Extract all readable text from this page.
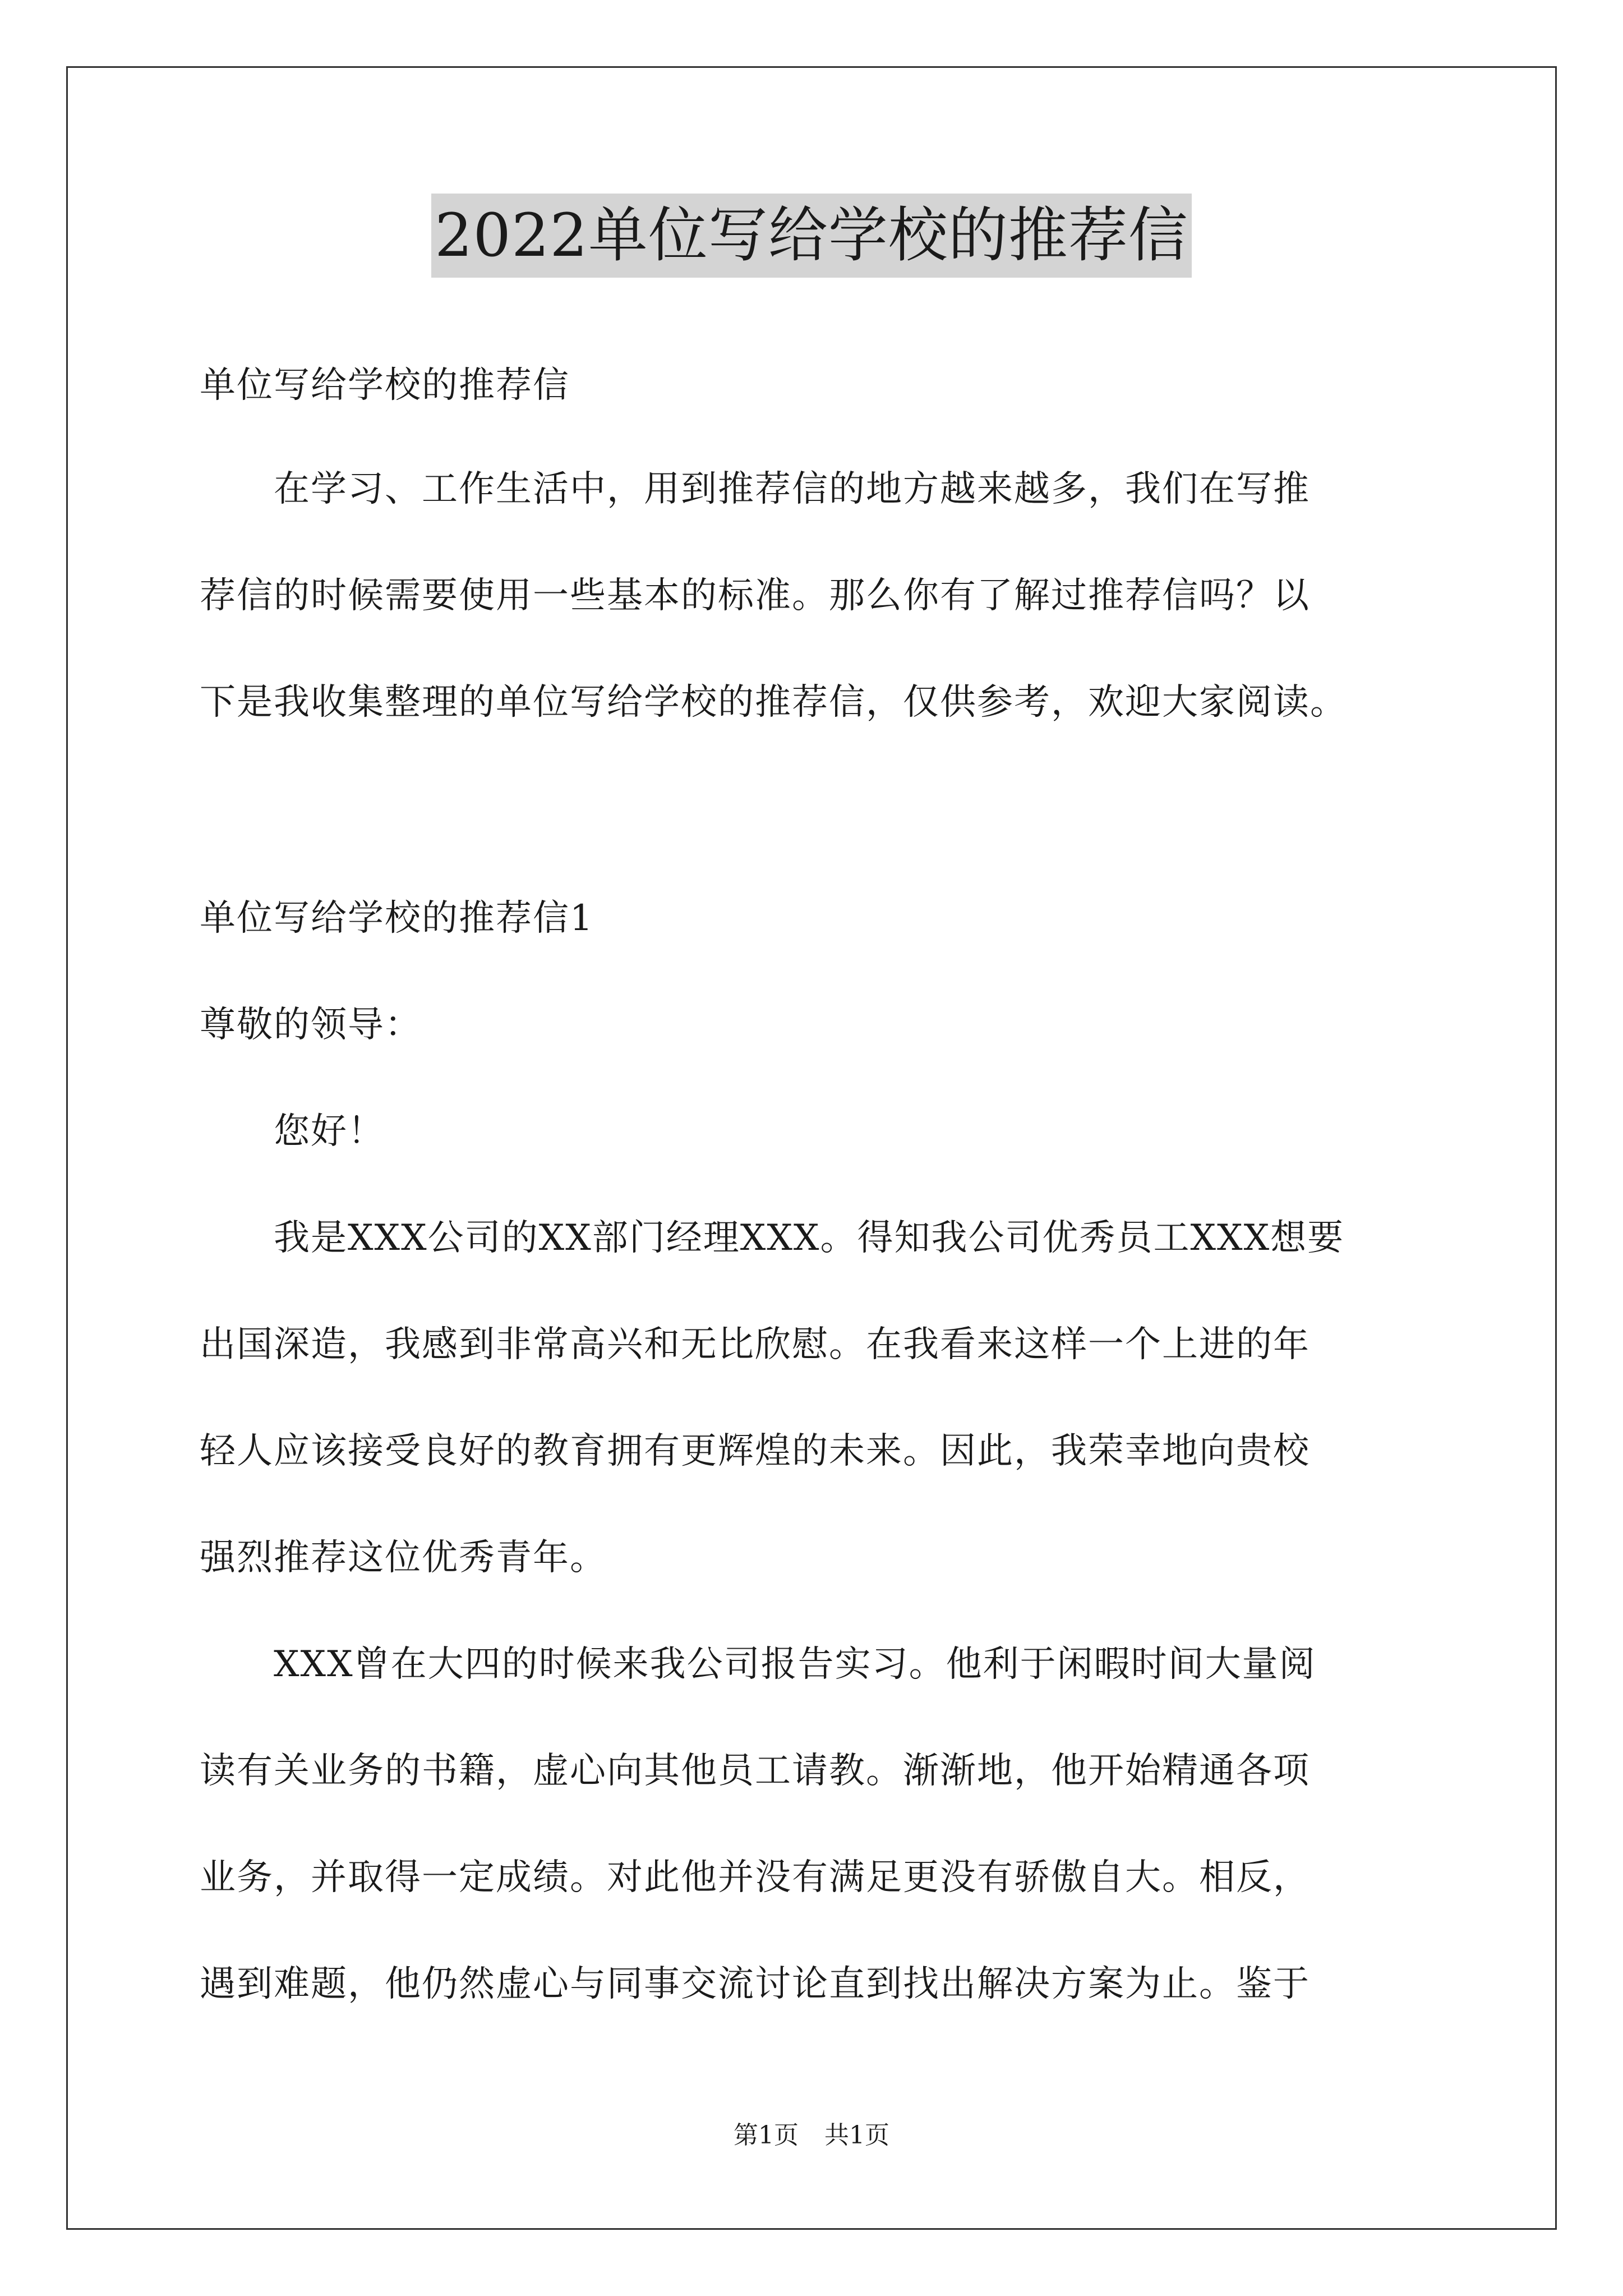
2022单位写给学校的推荐信
单位写给学校的推荐信
　　在学习、工作生活中，用到推荐信的地方越来越多，我们在写推
荐信的时候需要使用一些基本的标准。那么你有了解过推荐信吗？以
下是我收集整理的单位写给学校的推荐信，仅供参考，欢迎大家阅读。
单位写给学校的推荐信1
尊敬的领导：
　　您好！
　　我是XXX公司的XX部门经理XXX。得知我公司优秀员工XXX想要
出国深造，我感到非常高兴和无比欣慰。在我看来这样一个上进的年
轻人应该接受良好的教育拥有更辉煌的未来。因此，我荣幸地向贵校
强烈推荐这位优秀青年。
　　XXX曾在大四的时候来我公司报告实习。他利于闲暇时间大量阅
读有关业务的书籍，虚心向其他员工请教。渐渐地，他开始精通各项
业务，并取得一定成绩。对此他并没有满足更没有骄傲自大。相反，
遇到难题，他仍然虚心与同事交流讨论直到找出解决方案为止。鉴于
第1页 共1页
